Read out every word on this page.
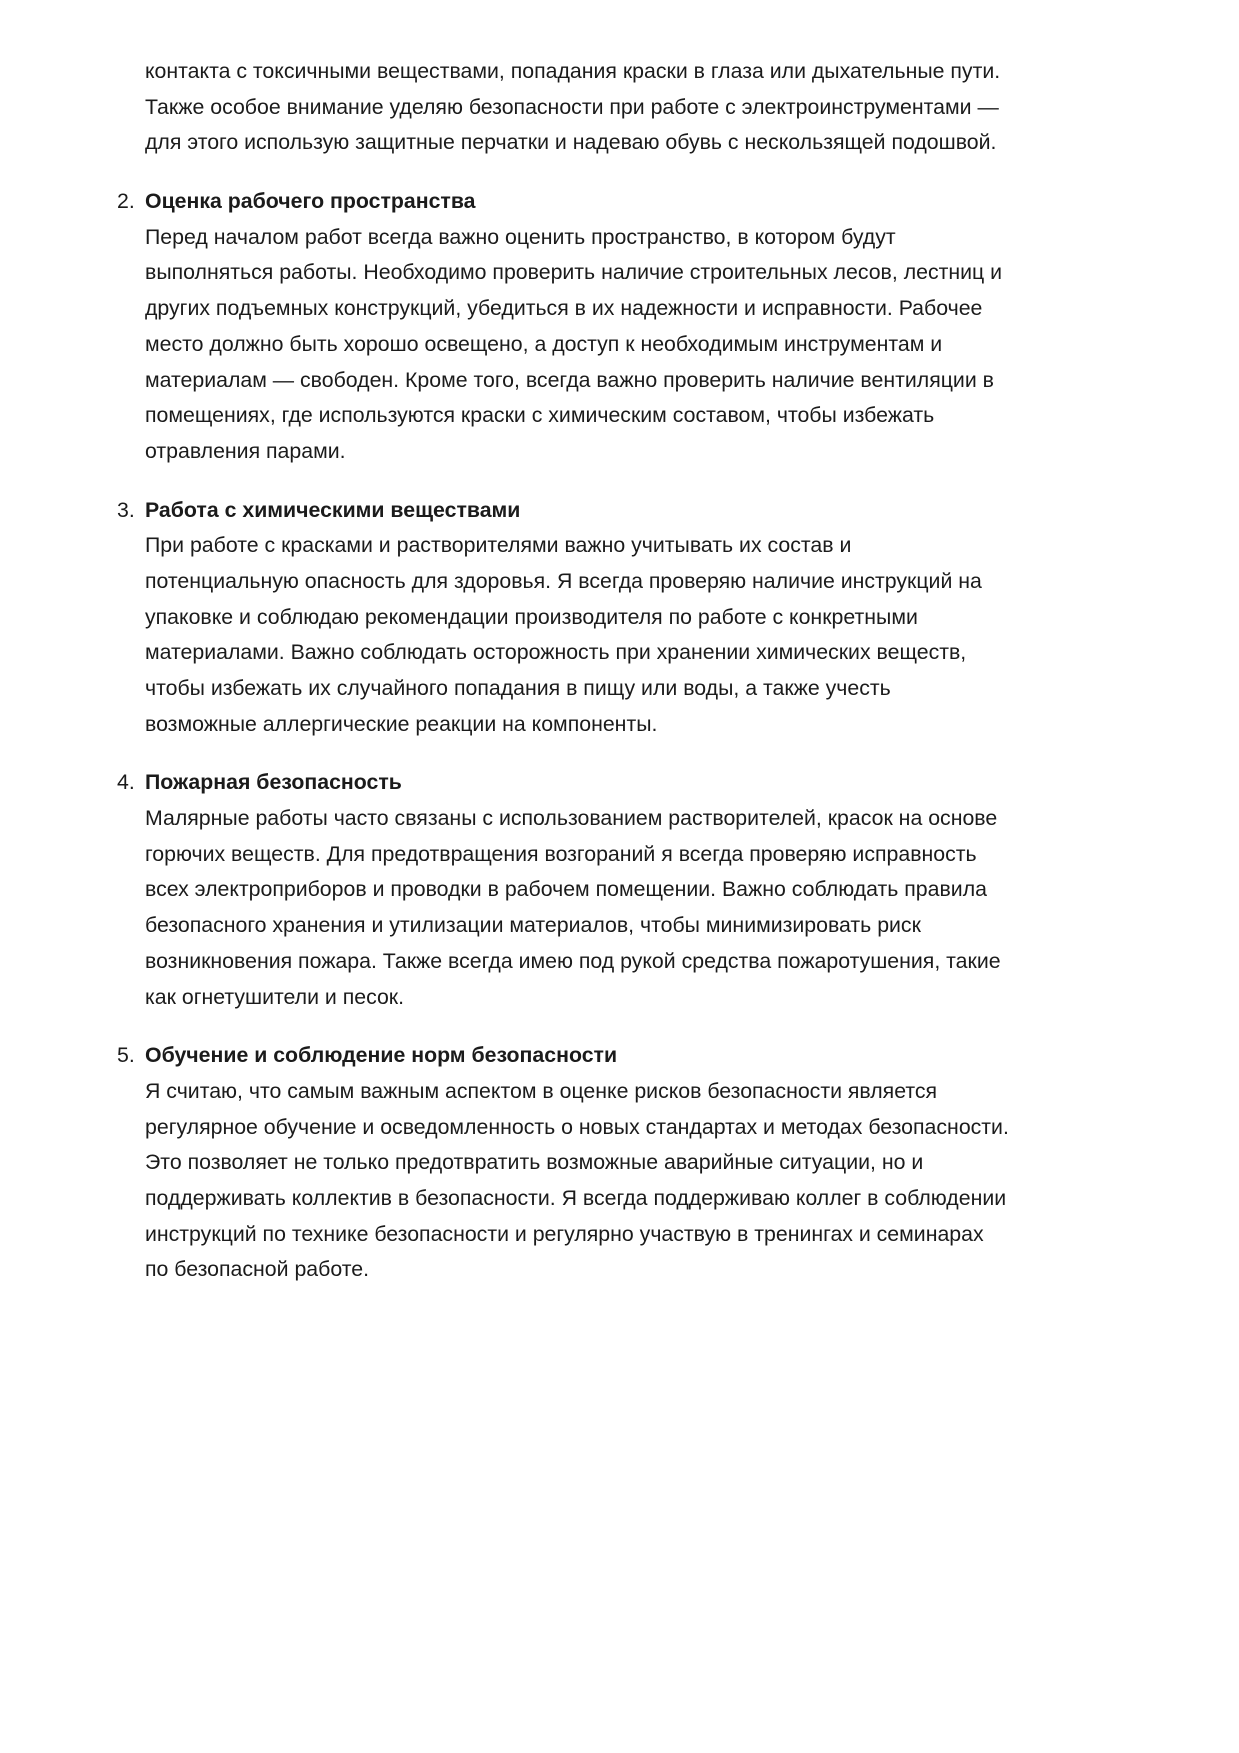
контакта с токсичными веществами, попадания краски в глаза или дыхательные пути.
Также особое внимание уделяю безопасности при работе с электроинструментами —
для этого использую защитные перчатки и надеваю обувь с нескользящей подошвой.
2. Оценка рабочего пространства
Перед началом работ всегда важно оценить пространство, в котором будут
выполняться работы. Необходимо проверить наличие строительных лесов, лестниц и
других подъемных конструкций, убедиться в их надежности и исправности. Рабочее
место должно быть хорошо освещено, а доступ к необходимым инструментам и
материалам — свободен. Кроме того, всегда важно проверить наличие вентиляции в
помещениях, где используются краски с химическим составом, чтобы избежать
отравления парами.
3. Работа с химическими веществами
При работе с красками и растворителями важно учитывать их состав и
потенциальную опасность для здоровья. Я всегда проверяю наличие инструкций на
упаковке и соблюдаю рекомендации производителя по работе с конкретными
материалами. Важно соблюдать осторожность при хранении химических веществ,
чтобы избежать их случайного попадания в пищу или воды, а также учесть
возможные аллергические реакции на компоненты.
4. Пожарная безопасность
Малярные работы часто связаны с использованием растворителей, красок на основе
горючих веществ. Для предотвращения возгораний я всегда проверяю исправность
всех электроприборов и проводки в рабочем помещении. Важно соблюдать правила
безопасного хранения и утилизации материалов, чтобы минимизировать риск
возникновения пожара. Также всегда имею под рукой средства пожаротушения, такие
как огнетушители и песок.
5. Обучение и соблюдение норм безопасности
Я считаю, что самым важным аспектом в оценке рисков безопасности является
регулярное обучение и осведомленность о новых стандартах и методах безопасности.
Это позволяет не только предотвратить возможные аварийные ситуации, но и
поддерживать коллектив в безопасности. Я всегда поддерживаю коллег в соблюдении
инструкций по технике безопасности и регулярно участвую в тренингах и семинарах
по безопасной работе.
